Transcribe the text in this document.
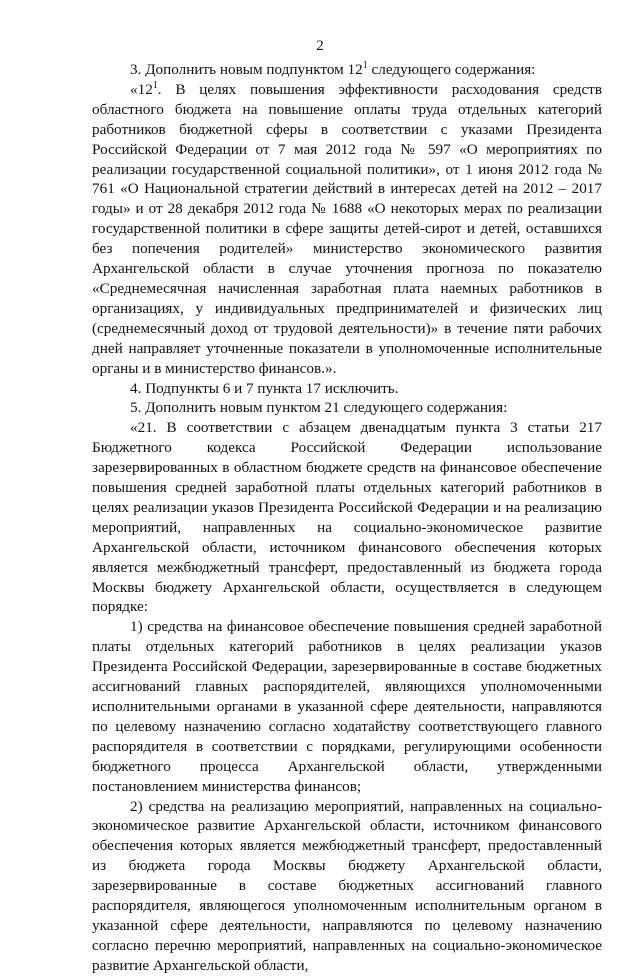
2

3. Дополнить новым подпунктом $12^1$ следующего содержания:

«$12^1$. В целях повышения эффективности расходования средств областного бюджета на повышение оплаты труда отдельных категорий работников бюджетной сферы в соответствии с указами Президента Российской Федерации от 7 мая 2012 года № 597 «О мероприятиях по реализации государственной социальной политики», от 1 июня 2012 года № 761 «О Национальной стратегии действий в интересах детей на 2012 – 2017 годы» и от 28 декабря 2012 года № 1688 «О некоторых мерах по реализации государственной политики в сфере защиты детей-сирот и детей, оставшихся без попечения родителей» министерство экономического развития Архангельской области в случае уточнения прогноза по показателю «Среднемесячная начисленная заработная плата наемных работников в организациях, у индивидуальных предпринимателей и физических лиц (среднемесячный доход от трудовой деятельности)» в течение пяти рабочих дней направляет уточненные показатели в уполномоченные исполнительные органы и в министерство финансов.».

4. Подпункты 6 и 7 пункта 17 исключить.

5. Дополнить новым пунктом 21 следующего содержания:

«21. В соответствии с абзацем двенадцатым пункта 3 статьи 217 Бюджетного кодекса Российской Федерации использование зарезервированных в областном бюджете средств на финансовое обеспечение повышения средней заработной платы отдельных категорий работников в целях реализации указов Президента Российской Федерации и на реализацию мероприятий, направленных на социально-экономическое развитие Архангельской области, источником финансового обеспечения которых является межбюджетный трансферт, предоставленный из бюджета города Москвы бюджету Архангельской области, осуществляется в следующем порядке:

1) средства на финансовое обеспечение повышения средней заработной платы отдельных категорий работников в целях реализации указов Президента Российской Федерации, зарезервированные в составе бюджетных ассигнований главных распорядителей, являющихся уполномоченными исполнительными органами в указанной сфере деятельности, направляются по целевому назначению согласно ходатайству соответствующего главного распорядителя в соответствии с порядками, регулирующими особенности бюджетного процесса Архангельской области, утвержденными постановлением министерства финансов;

2) средства на реализацию мероприятий, направленных на социально-экономическое развитие Архангельской области, источником финансового обеспечения которых является межбюджетный трансферт, предоставленный из бюджета города Москвы бюджету Архангельской области, зарезервированные в составе бюджетных ассигнований главного распорядителя, являющегося уполномоченным исполнительным органом в указанной сфере деятельности, направляются по целевому назначению согласно перечню мероприятий, направленных на социально-экономическое развитие Архангельской области,
